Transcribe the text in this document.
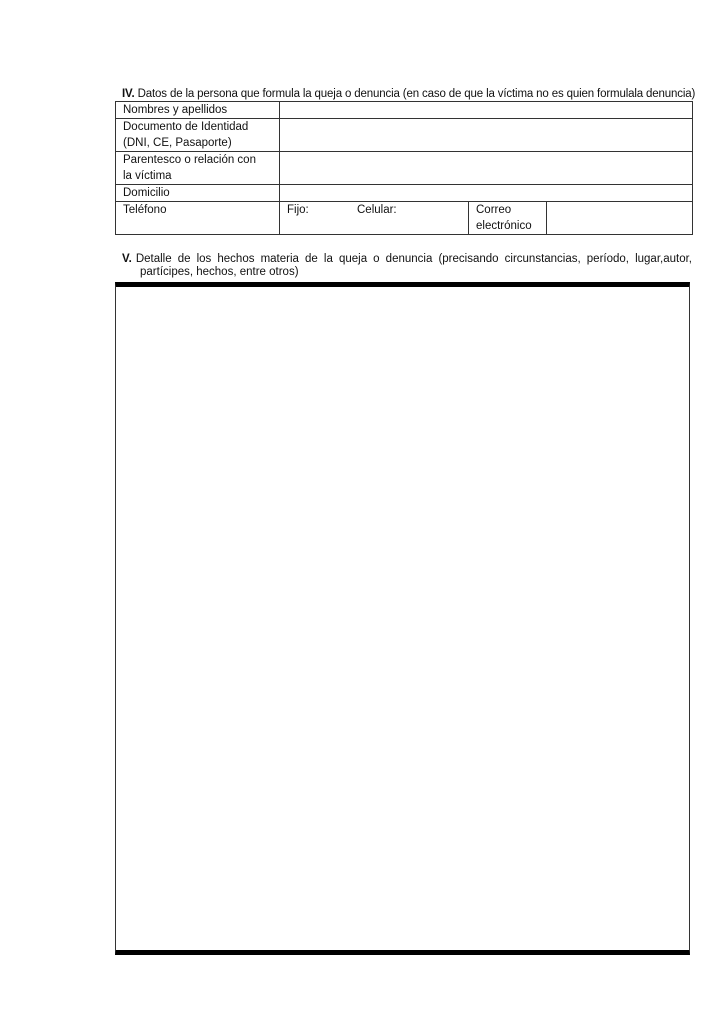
IV. Datos de la persona que formula la queja o denuncia (en caso de que la víctima no es quien formulala denuncia)
Nombres y apellidos			
Documento de Identidad
(DNI, CE, Pasaporte)			
Parentesco o relación con
la víctima			
Domicilio			
Teléfono	Fijo: Celular:	Correo
electrónico	
V. Detalle de los hechos materia de la queja o denuncia (precisando circunstancias, período, lugar,autor,
partícipes, hechos, entre otros)
